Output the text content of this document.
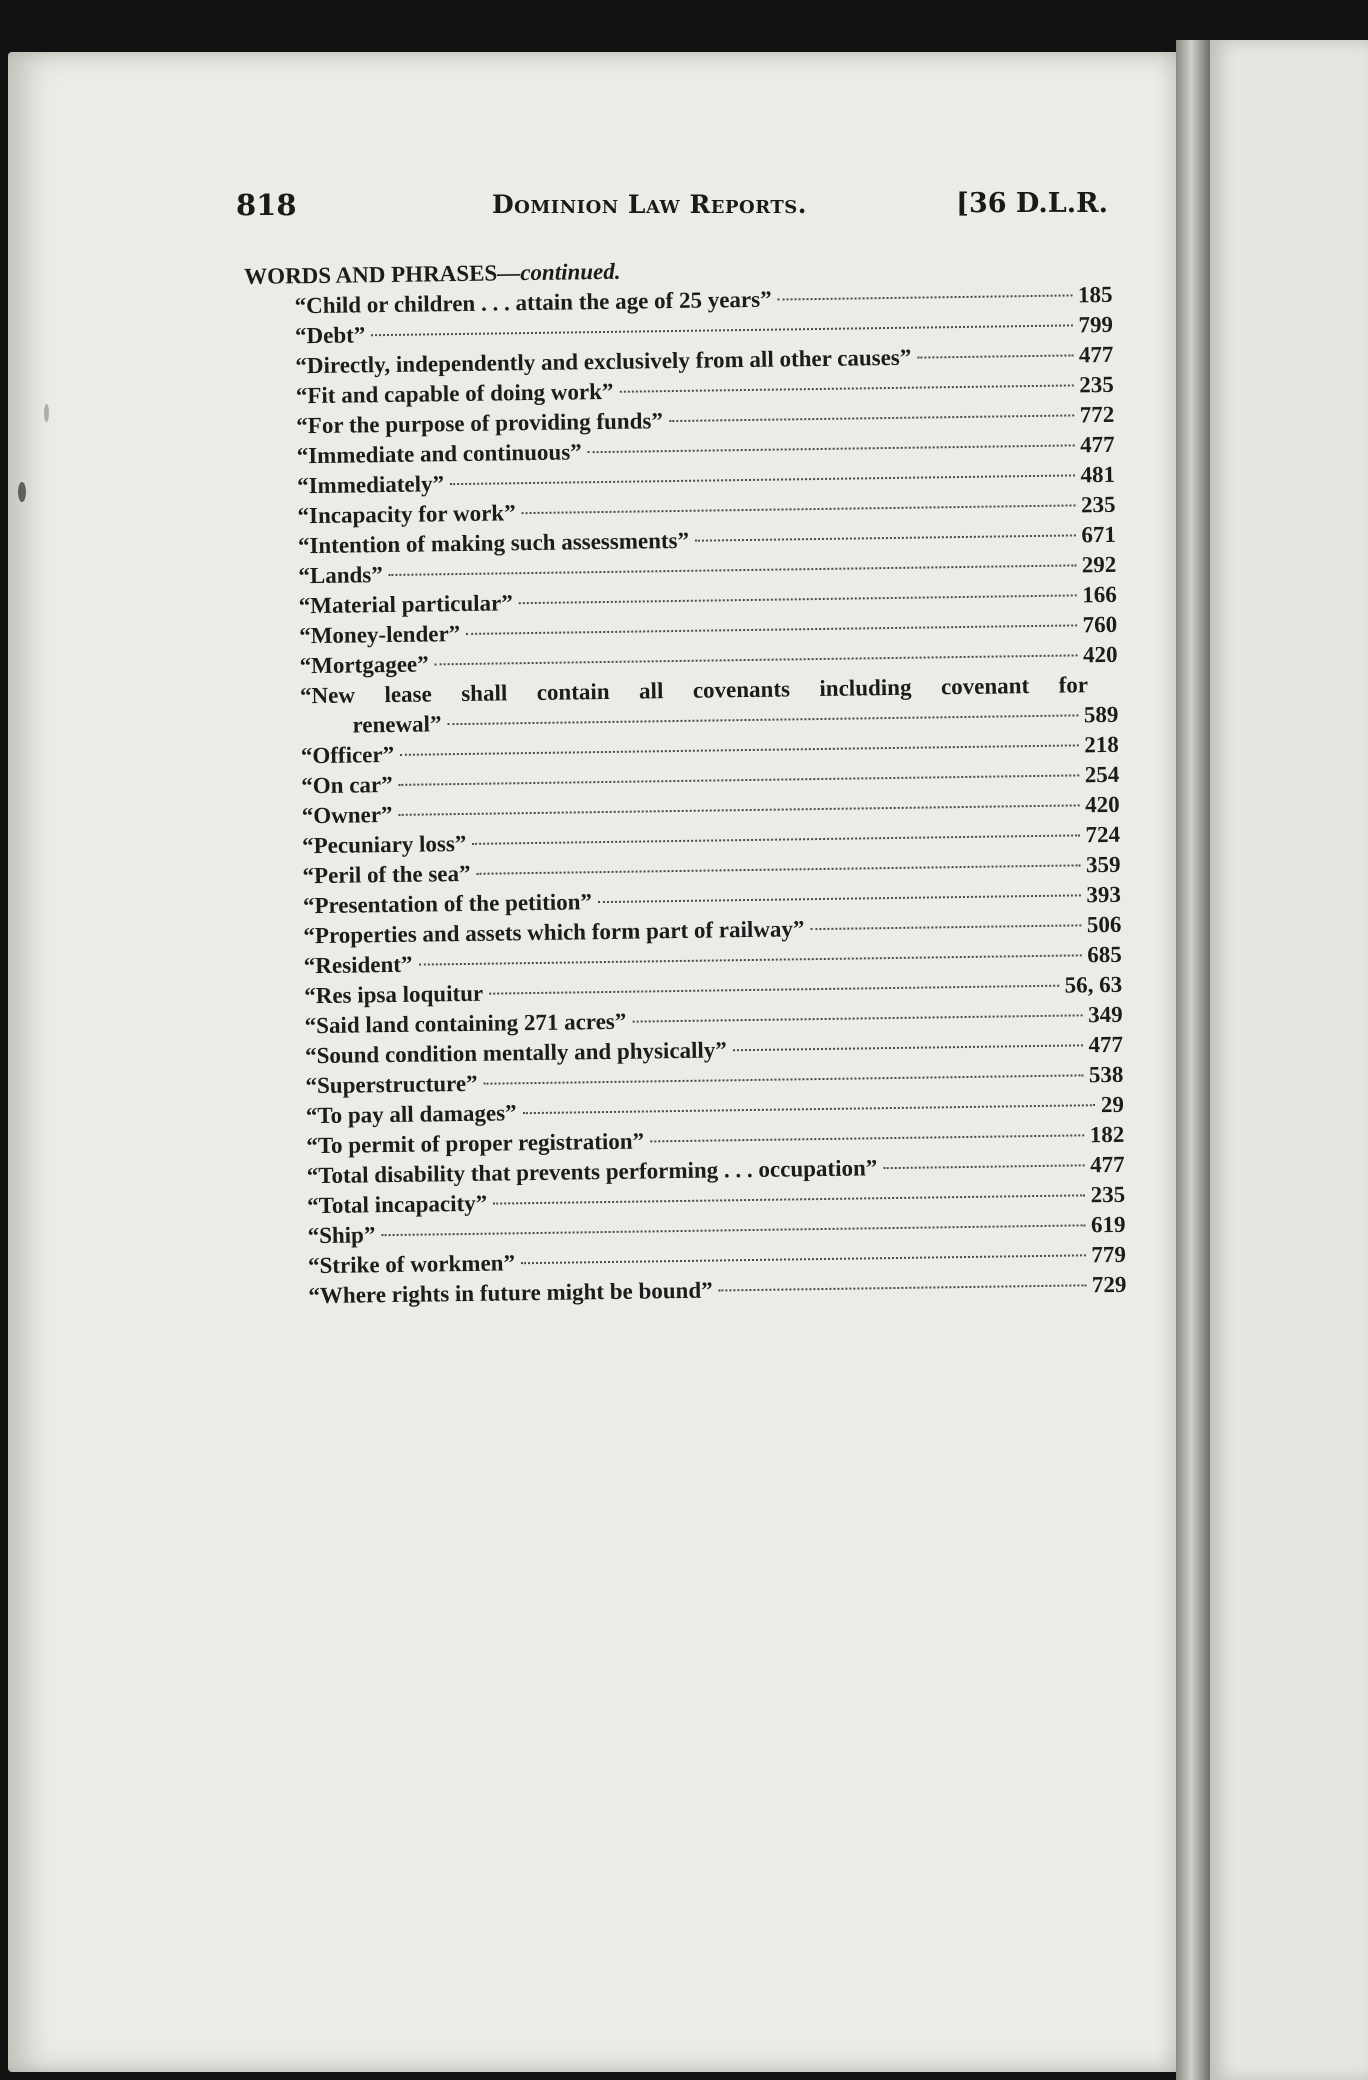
818	Dominion Law Reports.	[36 D.L.R.
WORDS AND PHRASES—continued.
“Child or children . . . attain the age of 25 years”	185
“Debt”	799
“Directly, independently and exclusively from all other causes”	477
“Fit and capable of doing work”	235
“For the purpose of providing funds”	772
“Immediate and continuous”	477
“Immediately”	481
“Incapacity for work”	235
“Intention of making such assessments”	671
“Lands”	292
“Material particular”	166
“Money-lender”	760
“Mortgagee”	420
“New lease shall contain all covenants including covenant for
renewal”	589
“Officer”	218
“On car”	254
“Owner”	420
“Pecuniary loss”	724
“Peril of the sea”	359
“Presentation of the petition”	393
“Properties and assets which form part of railway”	506
“Resident”	685
“Res ipsa loquitur	56, 63
“Said land containing 271 acres”	349
“Sound condition mentally and physically”	477
“Superstructure”	538
“To pay all damages”	29
“To permit of proper registration”	182
“Total disability that prevents performing . . . occupation”	477
“Total incapacity”	235
“Ship”	619
“Strike of workmen”	779
“Where rights in future might be bound”	729
